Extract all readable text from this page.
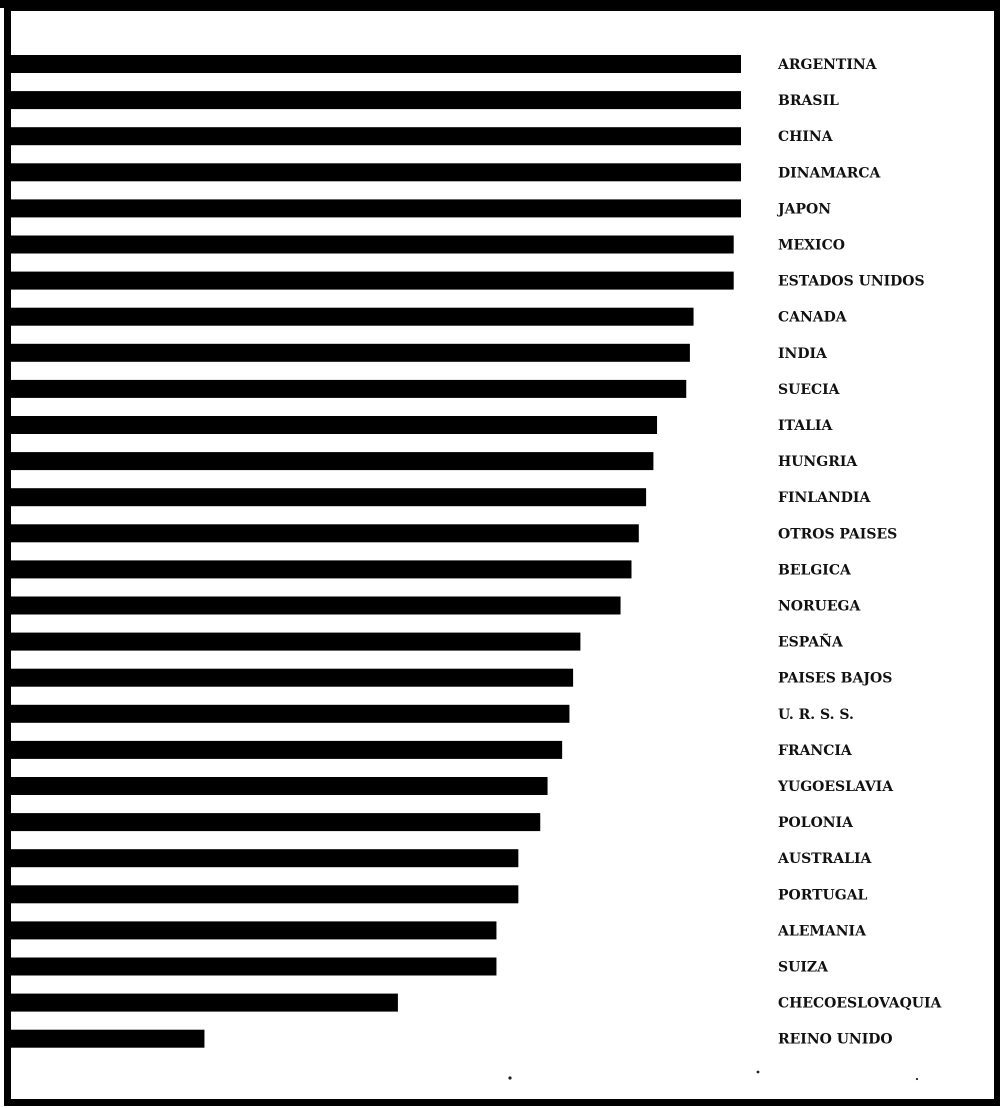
ARGENTINA
BRASIL
CHINA
DINAMARCA
JAPON
MEXICO
ESTADOS UNIDOS
CANADA
INDIA
SUECIA
ITALIA
HUNGRIA
FINLANDIA
OTROS PAISES
BELGICA
NORUEGA
ESPAÑA
PAISES BAJOS
U. R. S. S.
FRANCIA
YUGOESLAVIA
POLONIA
AUSTRALIA
PORTUGAL
ALEMANIA
SUIZA
CHECOESLOVAQUIA
REINO UNIDO
